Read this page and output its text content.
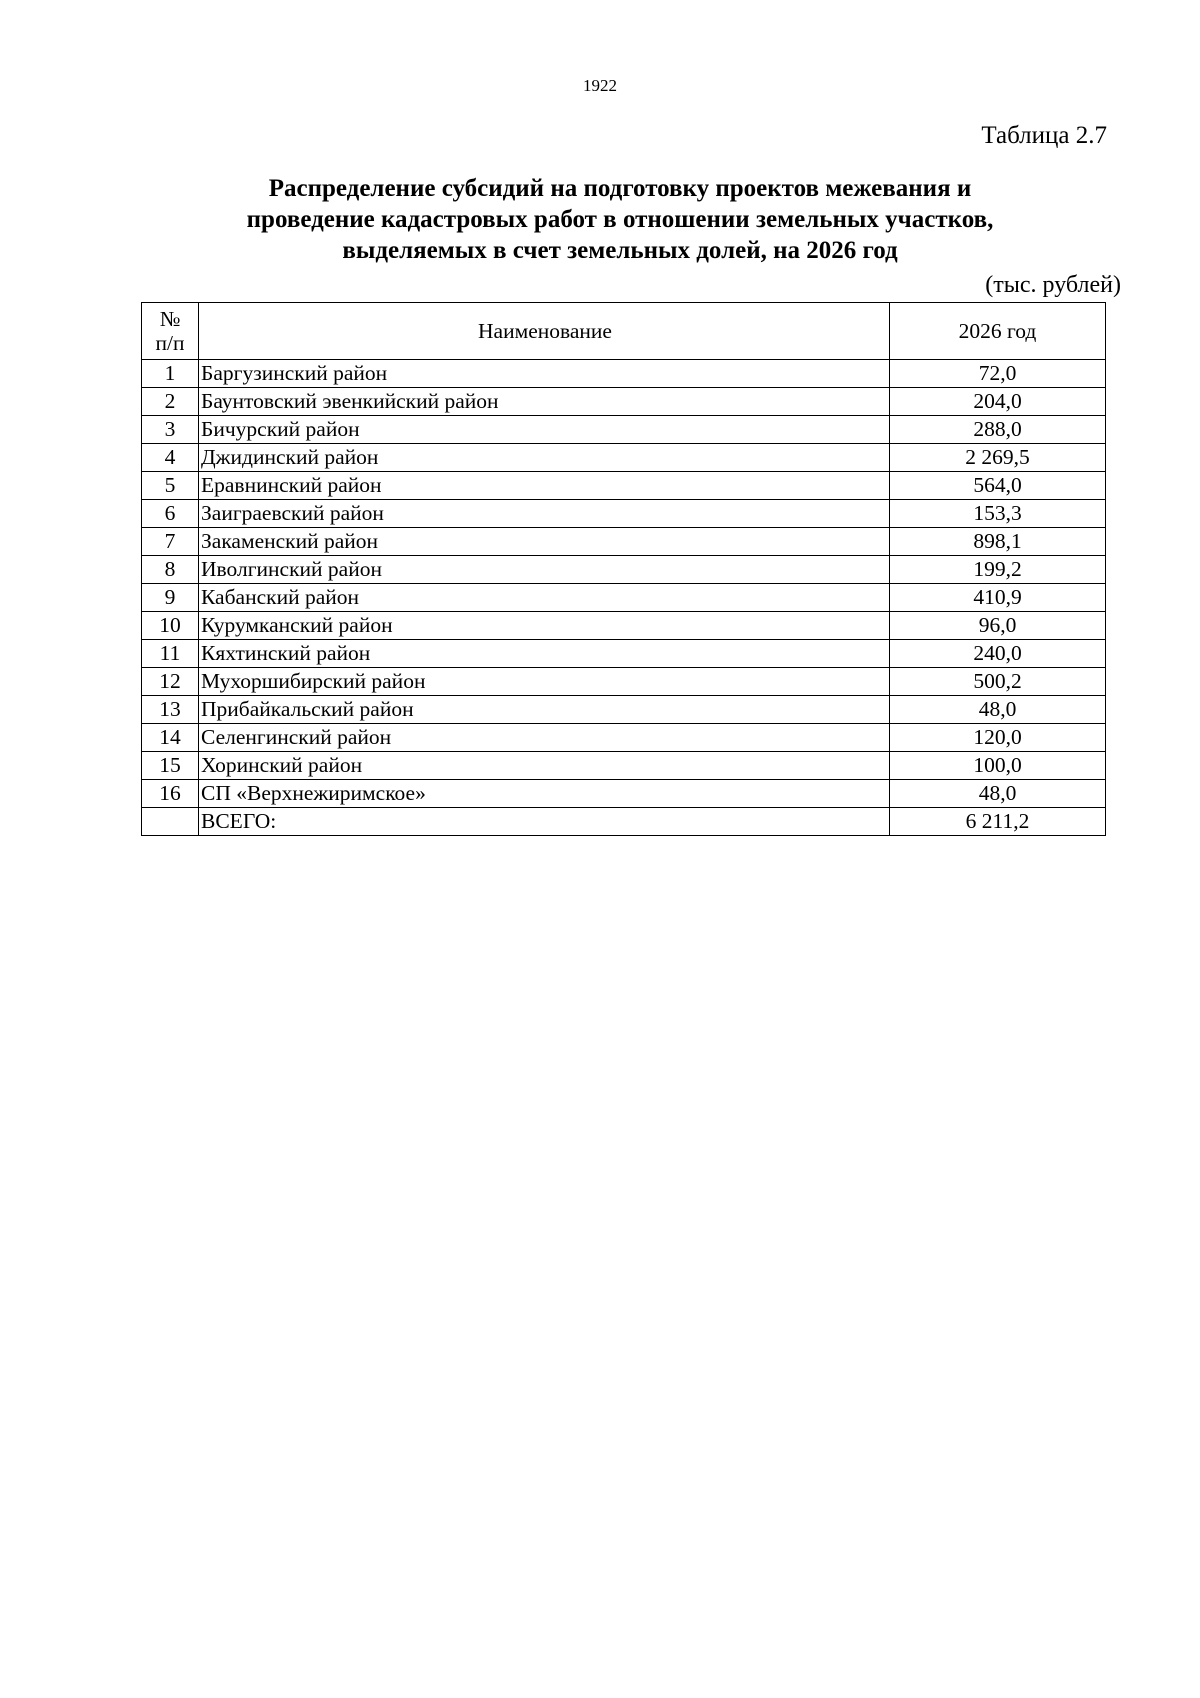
1922
Таблица 2.7
Распределение субсидий на подготовку проектов межевания и
проведение кадастровых работ в отношении земельных участков,
выделяемых в счет земельных долей, на 2026 год
(тыс. рублей)
№
п/п	Наименование	2026 год
1	Баргузинский район	72,0
2	Баунтовский эвенкийский район	204,0
3	Бичурский район	288,0
4	Джидинский район	2 269,5
5	Еравнинский район	564,0
6	Заиграевский район	153,3
7	Закаменский район	898,1
8	Иволгинский район	199,2
9	Кабанский район	410,9
10	Курумканский район	96,0
11	Кяхтинский район	240,0
12	Мухоршибирский район	500,2
13	Прибайкальский район	48,0
14	Селенгинский район	120,0
15	Хоринский район	100,0
16	СП «Верхнежиримское»	48,0
	ВСЕГО:	6 211,2
